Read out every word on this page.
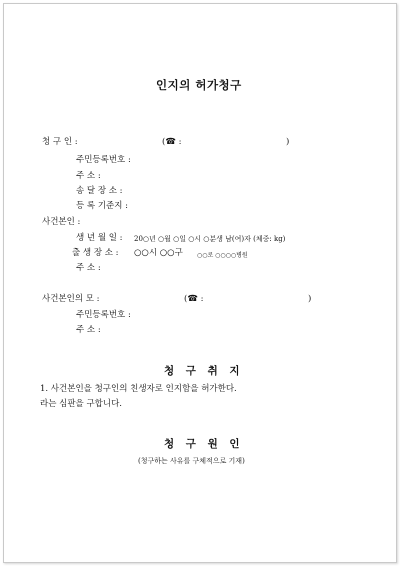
인지의 허가청구
청 구 인 :	(☎ :	)
주민등록번호 :
주 소 :
송 달 장 소 :
등 록 기준지 :
사건본인 :
생 년 월 일 : 20○년 ○월 ○일 ○시 ○분생 남(여)자 (체중: kg)
출 생 장 소 : ○○시 ○○구 ○○로 ○○○○병원
주 소 :
사건본인의 모 :	(☎ :	)
주민등록번호 :
주 소 :
청 구 취 지
1. 사건본인을 청구인의 친생자로 인지함을 허가한다.
라는 심판을 구합니다.
청 구 원 인
(청구하는 사유를 구체적으로 기재)
